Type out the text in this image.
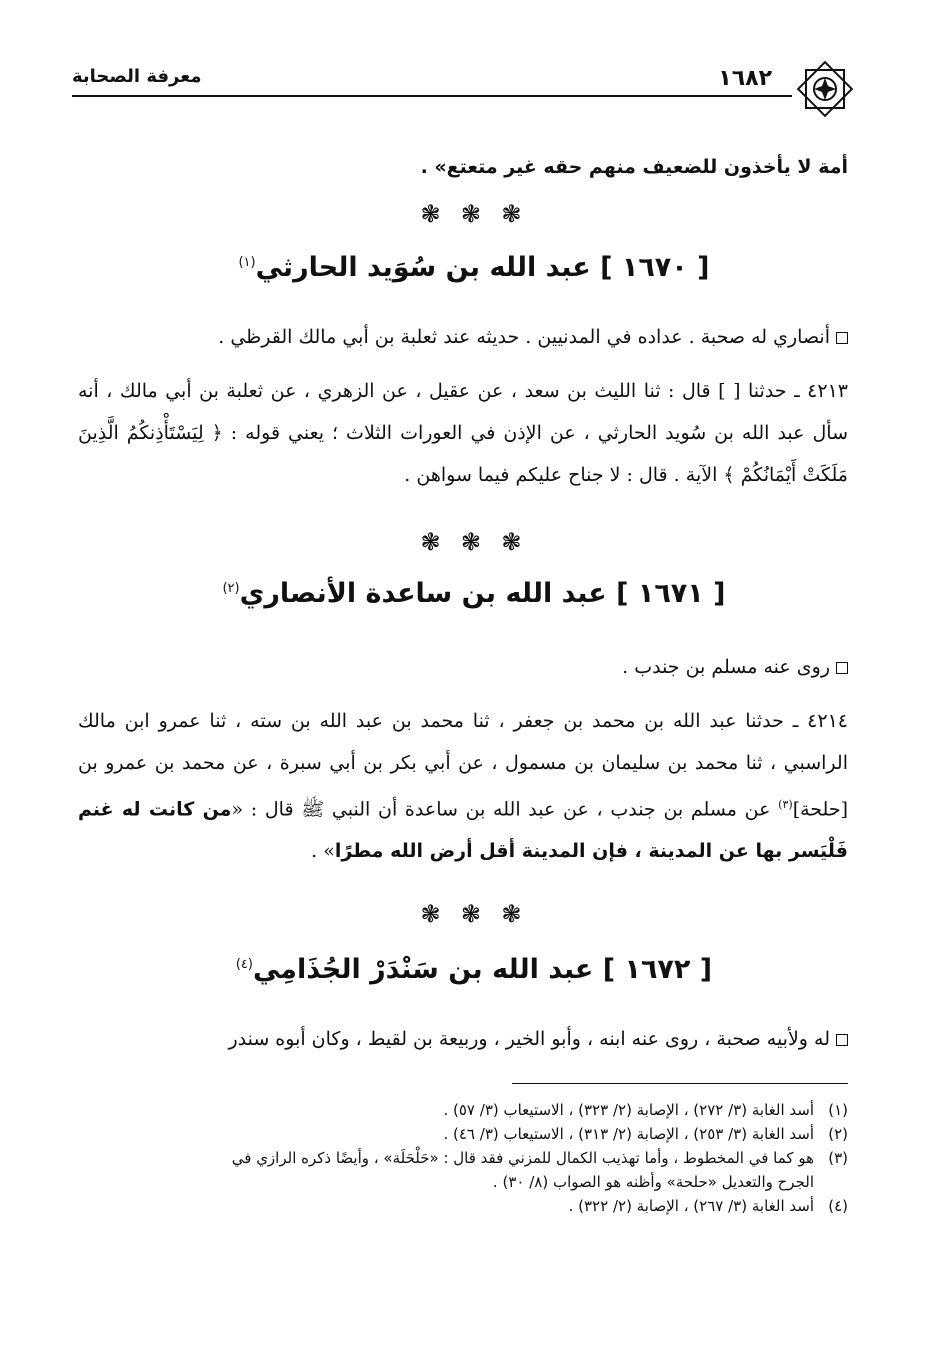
١٦٨٢
معرفة الصحابة
أمة لا يأخذون للضعيف منهم حقه غير متعتع» .
❃ ❃ ❃
[ ١٦٧٠ ] عبد الله بن سُوَيد الحارثي$^{(١)}$
أنصاري له صحبة . عداده في المدنيين . حديثه عند ثعلبة بن أبي مالك القرظي .
٤٢١٣ ـ حدثنا [ ] قال : ثنا الليث بن سعد ، عن عقيل ، عن الزهري ، عن ثعلبة بن أبي مالك ، أنه سأل عبد الله بن سُويد الحارثي ، عن الإذن في العورات الثلاث ؛ يعني قوله : ﴿ لِيَسْتَأْذِنكُمُ الَّذِينَ مَلَكَتْ أَيْمَانُكُمْ ﴾ الآية . قال : لا جناح عليكم فيما سواهن .
❃ ❃ ❃
[ ١٦٧١ ] عبد الله بن ساعدة الأنصاري$^{(٢)}$
روى عنه مسلم بن جندب .
٤٢١٤ ـ حدثنا عبد الله بن محمد بن جعفر ، ثنا محمد بن عبد الله بن سته ، ثنا عمرو ابن مالك الراسبي ، ثنا محمد بن سليمان بن مسمول ، عن أبي بكر بن أبي سبرة ، عن محمد بن عمرو بن [حلحة]$^{(٣)}$ عن مسلم بن جندب ، عن عبد الله بن ساعدة أن النبي ﷺ قال : «من كانت له غنم فَلْيَسر بها عن المدينة ، فإن المدينة أقل أرض الله مطرًا» .
❃ ❃ ❃
[ ١٦٧٢ ] عبد الله بن سَنْدَرْ الجُذَامِي$^{(٤)}$
له ولأبيه صحبة ، روى عنه ابنه ، وأبو الخير ، وربيعة بن لقيط ، وكان أبوه سندر
(١)أسد الغابة (٣/ ٢٧٢) ، الإصابة (٢/ ٣٢٣) ، الاستيعاب (٣/ ٥٧) .
(٢)أسد الغابة (٣/ ٢٥٣) ، الإصابة (٢/ ٣١٣) ، الاستيعاب (٣/ ٤٦) .
(٣)هو كما في المخطوط ، وأما تهذيب الكمال للمزني فقد قال : «حَلْحَلَة» ، وأيضًا ذكره الرازي في
الجرح والتعديل «حلحة» وأظنه هو الصواب (٨/ ٣٠) .
(٤)أسد الغابة (٣/ ٢٦٧) ، الإصابة (٢/ ٣٢٢) .
